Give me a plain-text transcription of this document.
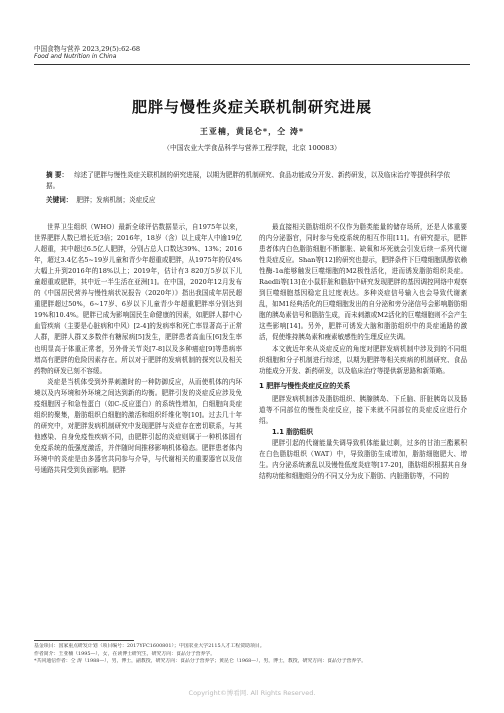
中国食物与营养 2023,29(5):62-68
Food and Nutrition in China
肥胖与慢性炎症关联机制研究进展
王亚楠，黄昆仑*，仝 涛*
（中国农业大学食品科学与营养工程学院，北京 100083）
摘 要： 综述了肥胖与慢性炎症关联机制的研究进展，以期为肥胖的机制研究、食品功能成分开发、新药研发，以及临床治疗等提供科学依据。
关键词： 肥胖；发病机制；炎症反应

世界卫生组织（WHO）最新全球评估数据显示，自1975年以来，世界肥胖人数已增长近3倍；2016年，18岁（含）以上成年人中逾19亿人超重，其中超过6.5亿人肥胖，分别占总人口数达39%、13%；2016年，超过3.4亿名5~19岁儿童和青少年超重或肥胖，从1975年的仅4%大幅上升到2016年的18%以上；2019年，估计有3 820万5岁以下儿童超重或肥胖，其中近一半生活在亚洲[1]。在中国，2020年12月发布的《中国居民营养与慢性病状况报告（2020年）》指出我国成年居民超重肥胖超过50%，6~17岁、6岁以下儿童青少年超重肥胖率分别达到19%和10.4%。肥胖已成为影响国民生命健康的因素，如肥胖人群中心血管疾病（主要是心脏病和中风）[2-4]的发病率和死亡率显著高于正常人群，肥胖人群又多数伴有糖尿病[5]发生，肥胖患者高血压[6]发生率也明显高于体重正常者，另外骨关节炎[7-8]以及多种癌症[9]等患病率增高有肥胖的危险因素存在。所以对于肥胖的发病机制的探究以及相关药物的研发已刻不容缓。

炎症是当机体受到外界刺激时的一种防御反应，从而使机体的内环境以及内环境和外环境之间达到新的均衡。肥胖引发的炎症反应涉及免疫细胞因子和急性蛋白（如C-反应蛋白）的系统性增加，白细胞向炎症组织的聚集，脂肪组织白细胞的激活和组织纤维化等[10]。过去几十年的研究中，对肥胖发病机制研究中发现肥胖与炎症存在密切联系，与其他感染、自身免疫性疾病不同，由肥胖引起的炎症则属于一种机体固有免疫系统的低强度激活，并伴随时间推移影响机体稳态。肥胖患者体内环境中的炎症是由多器官共同参与介导，与代谢相关的重要器官以及信号通路共同受到负面影响。肥胖

最直接相关脂肪组织不仅作为脂类能量的储存场所，还是人体重要的内分泌器官，同时参与免疫系统的相互作用[11]。有研究提示，肥胖患者体内白色脂肪细胞不断膨胀、缺氧和坏死就会引发后续一系列代谢性炎症反应。Shan等[12]的研究也提示，肥胖条件下巨噬细胞肌醇依赖性酶-1α能够触发巨噬细胞的M2极性活化，进而诱发脂肪组织炎症。Raedli等[13]在小鼠肝脏和脂肪中研究发现肥胖的基因调控网络中观察到巨噬细胞基因稳定且过度表达。多种炎症信号输入也会导致代谢紊乱，如M1经典活化的巨噬细胞发出的自分泌和旁分泌信号会影响脂肪细胞的胰岛素信号和脂肪生成，而未刺激或M2活化的巨噬细胞则不会产生这些影响[14]。另外，肥胖可诱发大脑和脂肪组织中的炎症通路的激活，促使维持胰岛素和瘦素敏感性的生理反应失调。

本文就近年来从炎症反应的角度对肥胖发病机制中涉及到的不同组织细胞和分子机制进行综述，以期为肥胖等相关疾病的机制研究、食品功能成分开发、新药研发，以及临床治疗等提供新思路和新策略。

1 肥胖与慢性炎症反应的关系

肥胖发病机制涉及脂肪组织、胰腺胰岛、下丘脑、肝脏胰岛以及肠道等不同部位的慢性炎症反应，接下来就不同部位的炎症反应进行介绍。

1.1 脂肪组织

肥胖引起的代谢能量失调导致机体能量过剩，过多的甘油三酯累积在白色脂肪组织（WAT）中，导致脂肪生成增加，脂肪细胞肥大、增生。内分泌系统紊乱以及慢性低度炎症等[17-20]，脂肪组织根据其自身结构功能和细胞组分的不同又分为皮下脂肪、内脏脂肪等，不同的

基金项目：国家重点研发计划（项目编号：2017YFC1600801）；中国农业大学2115人才工程资助项目。
作者简介：王亚楠（1995—），女，在读博士研究生，研究方向：食品分子营养学。
*共同通信作者：仝 涛（1988—），男，博士，副教授，研究方向：食品分子营养学；黄昆仑（1968—），男，博士，教授，研究方向：食品分子营养学。
Copyright©博看网. All Rights Reserved.
